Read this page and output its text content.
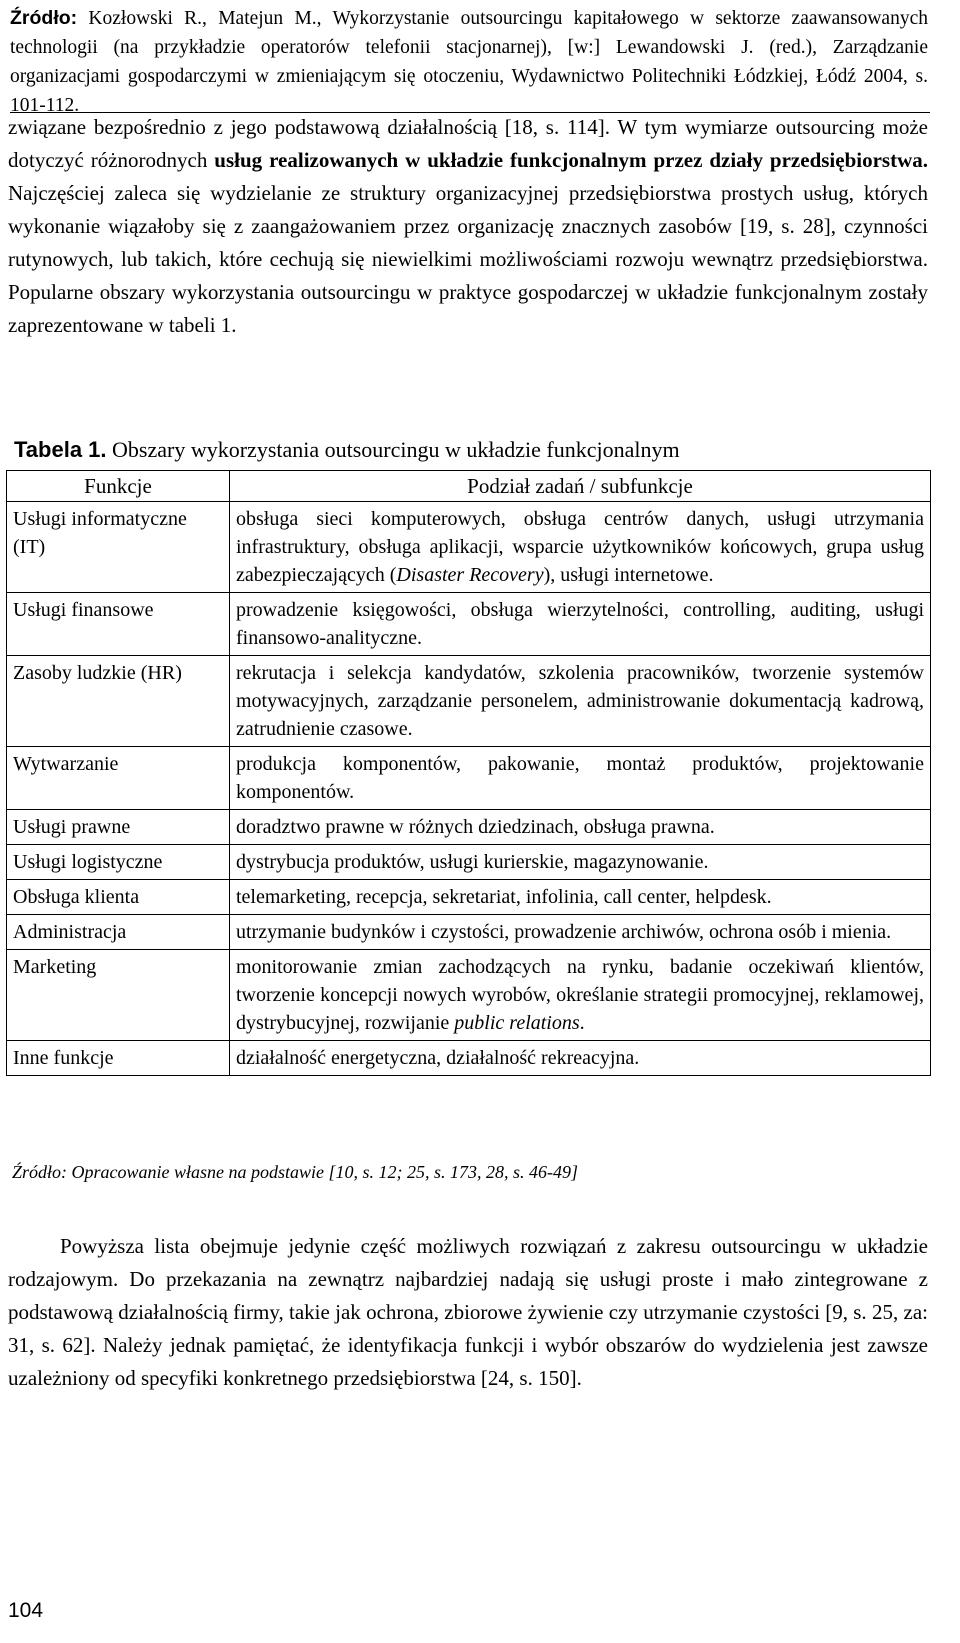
Źródło: Kozłowski R., Matejun M., Wykorzystanie outsourcingu kapitałowego w sektorze zaawansowanych technologii (na przykładzie operatorów telefonii stacjonarnej), [w:] Lewandowski J. (red.), Zarządzanie organizacjami gospodarczymi w zmieniającym się otoczeniu, Wydawnictwo Politechniki Łódzkiej, Łódź 2004, s. 101-112.
związane bezpośrednio z jego podstawową działalnością [18, s. 114]. W tym wymiarze outsourcing może dotyczyć różnorodnych usług realizowanych w układzie funkcjonalnym przez działy przedsiębiorstwa. Najczęściej zaleca się wydzielanie ze struktury organizacyjnej przedsiębiorstwa prostych usług, których wykonanie wiązałoby się z zaangażowaniem przez organizację znacznych zasobów [19, s. 28], czynności rutynowych, lub takich, które cechują się niewielkimi możliwościami rozwoju wewnątrz przedsiębiorstwa. Popularne obszary wykorzystania outsourcingu w praktyce gospodarczej w układzie funkcjonalnym zostały zaprezentowane w tabeli 1.
Tabela 1. Obszary wykorzystania outsourcingu w układzie funkcjonalnym
Funkcje	Podział zadań / subfunkcje
Usługi informatyczne (IT)	obsługa sieci komputerowych, obsługa centrów danych, usługi utrzymania infrastruktury, obsługa aplikacji, wsparcie użytkowników końcowych, grupa usług zabezpieczających (Disaster Recovery), usługi internetowe.
Usługi finansowe	prowadzenie księgowości, obsługa wierzytelności, controlling, auditing, usługi finansowo-analityczne.
Zasoby ludzkie (HR)	rekrutacja i selekcja kandydatów, szkolenia pracowników, tworzenie systemów motywacyjnych, zarządzanie personelem, administrowanie dokumentacją kadrową, zatrudnienie czasowe.
Wytwarzanie	produkcja komponentów, pakowanie, montaż produktów, projektowanie komponentów.
Usługi prawne	doradztwo prawne w różnych dziedzinach, obsługa prawna.
Usługi logistyczne	dystrybucja produktów, usługi kurierskie, magazynowanie.
Obsługa klienta	telemarketing, recepcja, sekretariat, infolinia, call center, helpdesk.
Administracja	utrzymanie budynków i czystości, prowadzenie archiwów, ochrona osób i mienia.
Marketing	monitorowanie zmian zachodzących na rynku, badanie oczekiwań klientów, tworzenie koncepcji nowych wyrobów, określanie strategii promocyjnej, reklamowej, dystrybucyjnej, rozwijanie public relations.
Inne funkcje	działalność energetyczna, działalność rekreacyjna.
Źródło: Opracowanie własne na podstawie [10, s. 12; 25, s. 173, 28, s. 46-49]
Powyższa lista obejmuje jedynie część możliwych rozwiązań z zakresu outsourcingu w układzie rodzajowym. Do przekazania na zewnątrz najbardziej nadają się usługi proste i mało zintegrowane z podstawową działalnością firmy, takie jak ochrona, zbiorowe żywienie czy utrzymanie czystości [9, s. 25, za: 31, s. 62]. Należy jednak pamiętać, że identyfikacja funkcji i wybór obszarów do wydzielenia jest zawsze uzależniony od specyfiki konkretnego przedsiębiorstwa [24, s. 150].
104
